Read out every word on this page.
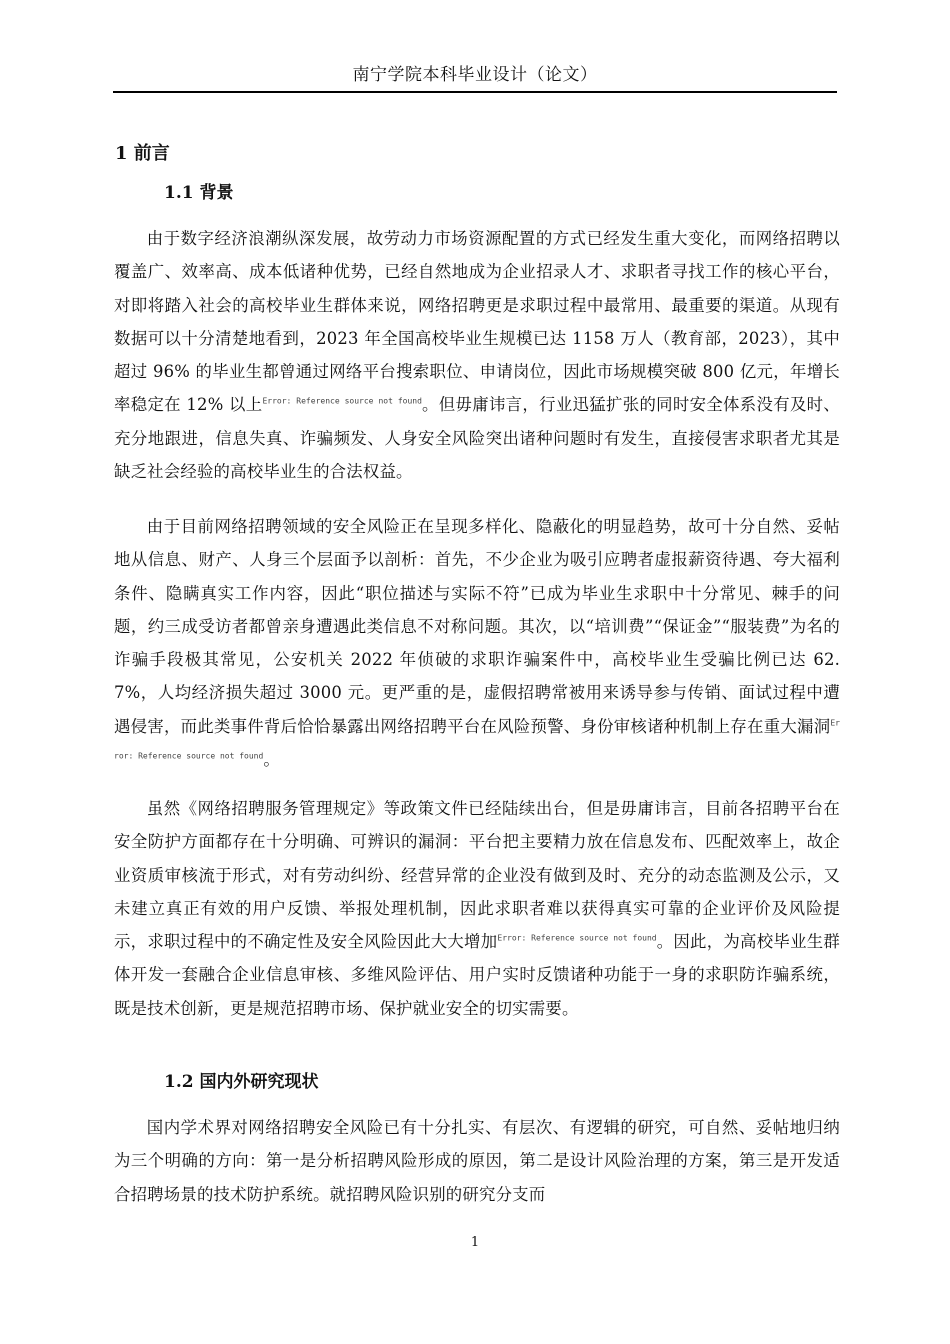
南宁学院本科毕业设计（论文）
1 前言
1.1 背景

由于数字经济浪潮纵深发展，故劳动力市场资源配置的方式已经发生重大变化，而网络招聘以覆盖广、效率高、成本低诸种优势，已经自然地成为企业招录人才、求职者寻找工作的核心平台，对即将踏入社会的高校毕业生群体来说，网络招聘更是求职过程中最常用、最重要的渠道。从现有数据可以十分清楚地看到，2023 年全国高校毕业生规模已达 1158 万人（教育部，2023），其中超过 96% 的毕业生都曾通过网络平台搜索职位、申请岗位，因此市场规模突破 800 亿元，年增长率稳定在 12% 以上$^{Error: Reference source not found}$。但毋庸讳言，行业迅猛扩张的同时安全体系没有及时、充分地跟进，信息失真、诈骗频发、人身安全风险突出诸种问题时有发生，直接侵害求职者尤其是缺乏社会经验的高校毕业生的合法权益。

由于目前网络招聘领域的安全风险正在呈现多样化、隐蔽化的明显趋势，故可十分自然、妥帖地从信息、财产、人身三个层面予以剖析：首先，不少企业为吸引应聘者虚报薪资待遇、夸大福利条件、隐瞒真实工作内容，因此“职位描述与实际不符”已成为毕业生求职中十分常见、棘手的问题，约三成受访者都曾亲身遭遇此类信息不对称问题。其次，以“培训费”“保证金”“服装费”为名的诈骗手段极其常见，公安机关 2022 年侦破的求职诈骗案件中，高校毕业生受骗比例已达 62. 7%，人均经济损失超过 3000 元。更严重的是，虚假招聘常被用来诱导参与传销、面试过程中遭遇侵害，而此类事件背后恰恰暴露出网络招聘平台在风险预警、身份审核诸种机制上存在重大漏洞$^{Error: Reference source not found}$。

虽然《网络招聘服务管理规定》等政策文件已经陆续出台，但是毋庸讳言，目前各招聘平台在安全防护方面都存在十分明确、可辨识的漏洞：平台把主要精力放在信息发布、匹配效率上，故企业资质审核流于形式，对有劳动纠纷、经营异常的企业没有做到及时、充分的动态监测及公示，又未建立真正有效的用户反馈、举报处理机制，因此求职者难以获得真实可靠的企业评价及风险提示，求职过程中的不确定性及安全风险因此大大增加$^{Error: Reference source not found}$。因此，为高校毕业生群体开发一套融合企业信息审核、多维风险评估、用户实时反馈诸种功能于一身的求职防诈骗系统，既是技术创新，更是规范招聘市场、保护就业安全的切实需要。

1.2 国内外研究现状

国内学术界对网络招聘安全风险已有十分扎实、有层次、有逻辑的研究，可自然、妥帖地归纳为三个明确的方向：第一是分析招聘风险形成的原因，第二是设计风险治理的方案，第三是开发适合招聘场景的技术防护系统。就招聘风险识别的研究分支而

1
